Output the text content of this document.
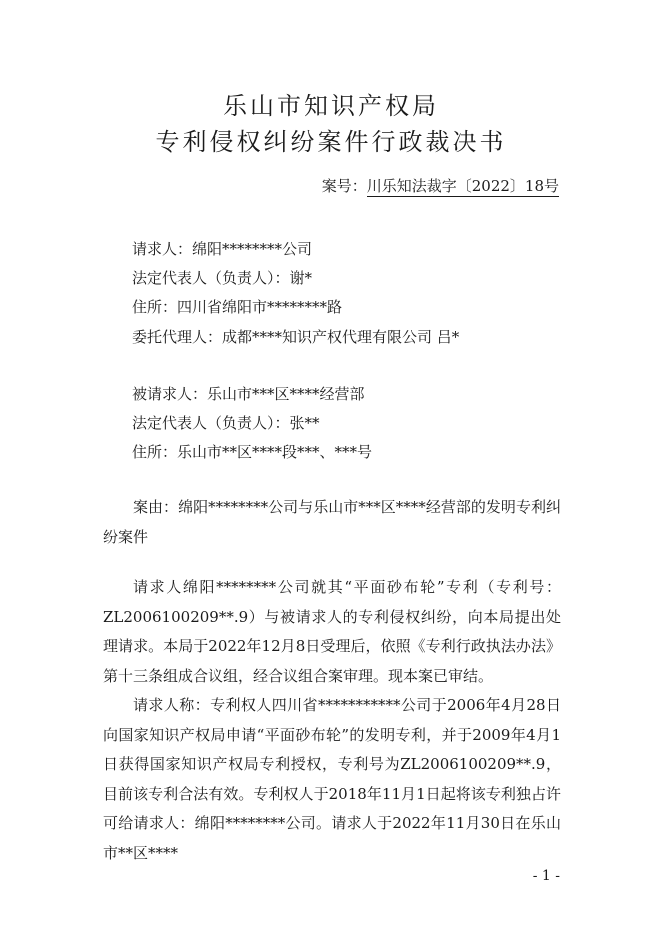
乐山市知识产权局
专利侵权纠纷案件行政裁决书
案号：川乐知法裁字〔2022〕18号
请求人：绵阳********公司
法定代表人（负责人）：谢*
住所：四川省绵阳市********路
委托代理人：成都****知识产权代理有限公司 吕*
被请求人：乐山市***区****经营部
法定代表人（负责人）：张**
住所：乐山市**区****段***、***号

案由：绵阳********公司与乐山市***区****经营部的发明专利纠纷案件

请求人绵阳********公司就其“平面砂布轮”专利（专利号：ZL2006100209**.9）与被请求人的专利侵权纠纷，向本局提出处理请求。本局于2022年12月8日受理后，依照《专利行政执法办法》第十三条组成合议组，经合议组合案审理。现本案已审结。

请求人称：专利权人四川省***********公司于2006年4月28日向国家知识产权局申请“平面砂布轮”的发明专利，并于2009年4月1日获得国家知识产权局专利授权，专利号为ZL2006100209**.9，目前该专利合法有效。专利权人于2018年11月1日起将该专利独占许可给请求人：绵阳********公司。请求人于2022年11月30日在乐山市**区****

- 1 -
